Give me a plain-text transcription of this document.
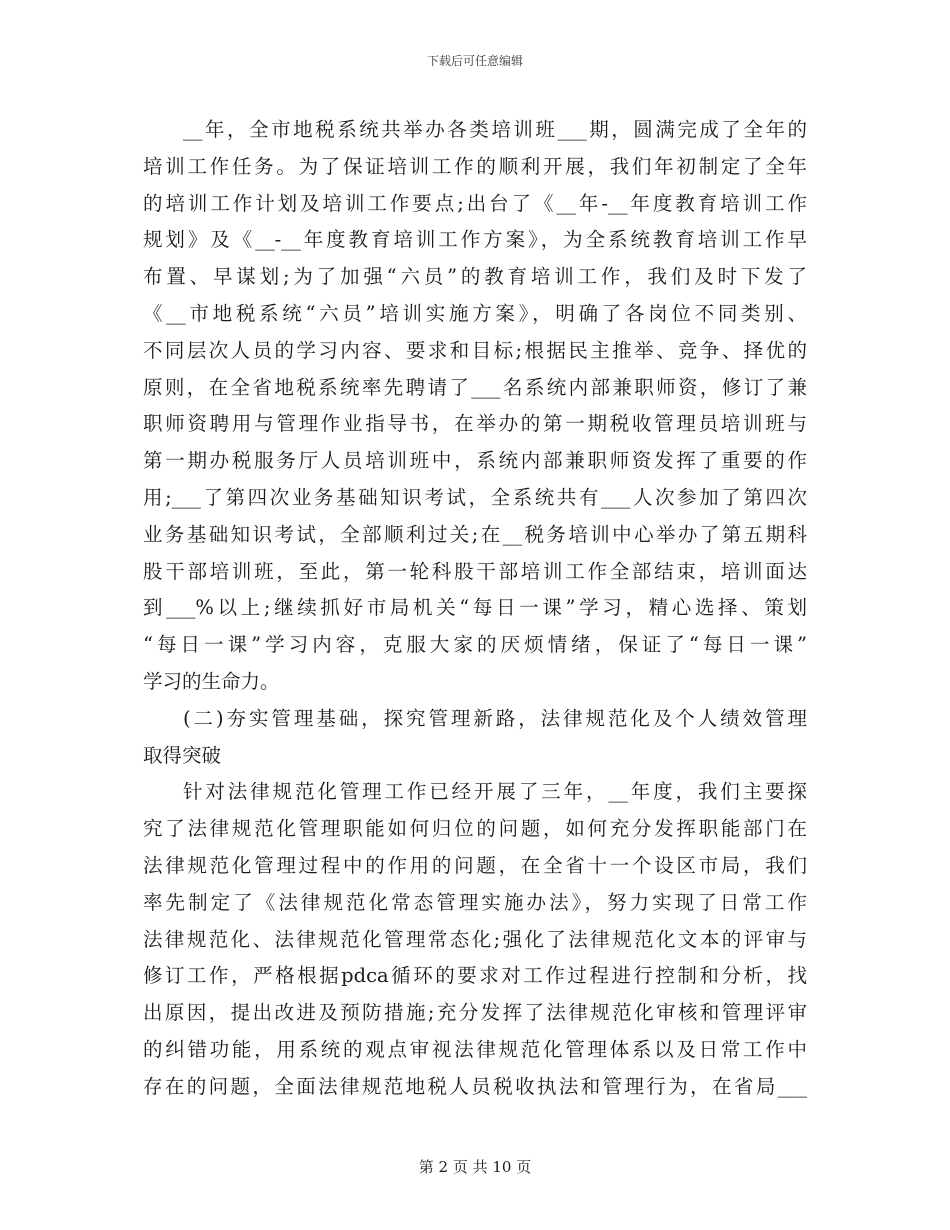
下载后可任意编辑
__年，全市地税系统共举办各类培训班___期，圆满完成了全年的
培训工作任务。为了保证培训工作的顺利开展，我们年初制定了全年
的培训工作计划及培训工作要点;出台了《__年-__年度教育培训工作
规划》及《__-__年度教育培训工作方案》，为全系统教育培训工作早
布置、早谋划;为了加强“六员”的教育培训工作，我们及时下发了
《__市地税系统“六员”培训实施方案》，明确了各岗位不同类别、
不同层次人员的学习内容、要求和目标;根据民主推举、竞争、择优的
原则，在全省地税系统率先聘请了___名系统内部兼职师资，修订了兼
职师资聘用与管理作业指导书，在举办的第一期税收管理员培训班与
第一期办税服务厅人员培训班中，系统内部兼职师资发挥了重要的作
用;___了第四次业务基础知识考试，全系统共有___人次参加了第四次
业务基础知识考试，全部顺利过关;在__税务培训中心举办了第五期科
股干部培训班，至此，第一轮科股干部培训工作全部结束，培训面达
到___%以上;继续抓好市局机关“每日一课”学习，精心选择、策划
“每日一课”学习内容，克服大家的厌烦情绪，保证了“每日一课”
学习的生命力。
(二)夯实管理基础，探究管理新路，法律规范化及个人绩效管理
取得突破
针对法律规范化管理工作已经开展了三年，__年度，我们主要探
究了法律规范化管理职能如何归位的问题，如何充分发挥职能部门在
法律规范化管理过程中的作用的问题，在全省十一个设区市局，我们
率先制定了《法律规范化常态管理实施办法》，努力实现了日常工作
法律规范化、法律规范化管理常态化;强化了法律规范化文本的评审与
修订工作，严格根据pdca循环的要求对工作过程进行控制和分析，找
出原因，提出改进及预防措施;充分发挥了法律规范化审核和管理评审
的纠错功能，用系统的观点审视法律规范化管理体系以及日常工作中
存在的问题，全面法律规范地税人员税收执法和管理行为，在省局___
第 2 页 共 10 页
